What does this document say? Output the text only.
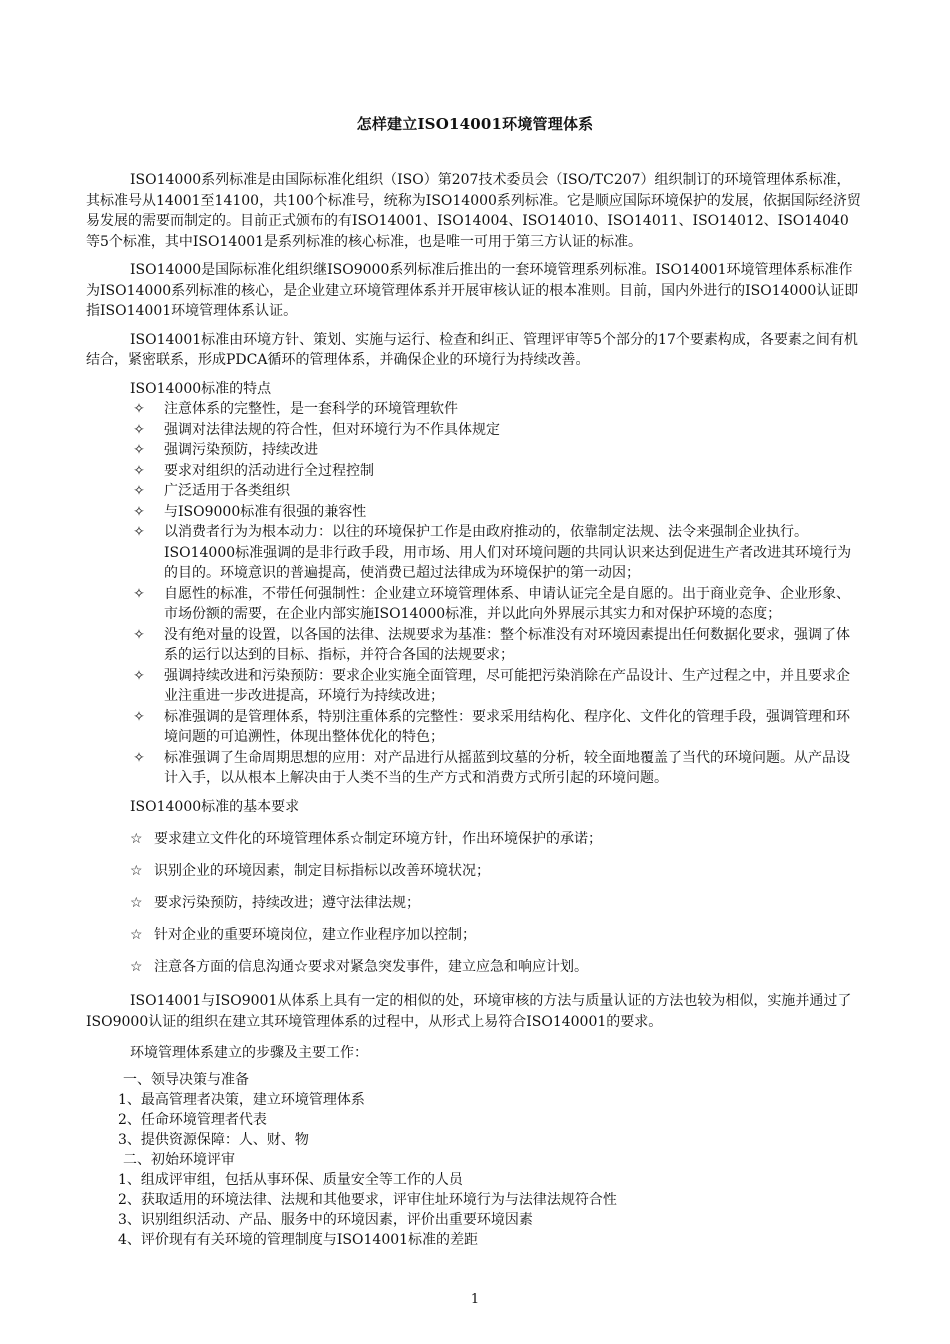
怎样建立ISO14001环境管理体系

ISO14000系列标准是由国际标准化组织（ISO）第207技术委员会（ISO/TC207）组织制订的环境管理体系标准，其标准号从14001至14100，共100个标准号，统称为ISO14000系列标准。它是顺应国际环境保护的发展，依据国际经济贸易发展的需要而制定的。目前正式颁布的有ISO14001、ISO14004、ISO14010、ISO14011、ISO14012、ISO14040等5个标准，其中ISO14001是系列标准的核心标准，也是唯一可用于第三方认证的标准。

ISO14000是国际标准化组织继ISO9000系列标准后推出的一套环境管理系列标准。ISO14001环境管理体系标准作为ISO14000系列标准的核心，是企业建立环境管理体系并开展审核认证的根本准则。目前，国内外进行的ISO14000认证即指ISO14001环境管理体系认证。

ISO14001标准由环境方针、策划、实施与运行、检查和纠正、管理评审等5个部分的17个要素构成，各要素之间有机结合，紧密联系，形成PDCA循环的管理体系，并确保企业的环境行为持续改善。

ISO14000标准的特点

✧ 注意体系的完整性，是一套科学的环境管理软件
✧ 强调对法律法规的符合性，但对环境行为不作具体规定
✧ 强调污染预防，持续改进
✧ 要求对组织的活动进行全过程控制
✧ 广泛适用于各类组织
✧ 与ISO9000标准有很强的兼容性
✧ 以消费者行为为根本动力：以往的环境保护工作是由政府推动的，依靠制定法规、法令来强制企业执行。ISO14000标准强调的是非行政手段，用市场、用人们对环境问题的共同认识来达到促进生产者改进其环境行为的目的。环境意识的普遍提高，使消费已超过法律成为环境保护的第一动因；
✧ 自愿性的标准，不带任何强制性：企业建立环境管理体系、申请认证完全是自愿的。出于商业竞争、企业形象、市场份额的需要，在企业内部实施ISO14000标准，并以此向外界展示其实力和对保护环境的态度；
✧ 没有绝对量的设置，以各国的法律、法规要求为基准：整个标准没有对环境因素提出任何数据化要求，强调了体系的运行以达到的目标、指标，并符合各国的法规要求；
✧ 强调持续改进和污染预防：要求企业实施全面管理，尽可能把污染消除在产品设计、生产过程之中，并且要求企业注重进一步改进提高，环境行为持续改进；
✧ 标准强调的是管理体系，特别注重体系的完整性：要求采用结构化、程序化、文件化的管理手段，强调管理和环境问题的可追溯性，体现出整体优化的特色；
✧ 标准强调了生命周期思想的应用：对产品进行从摇蓝到坟墓的分析，较全面地覆盖了当代的环境问题。从产品设计入手，以从根本上解决由于人类不当的生产方式和消费方式所引起的环境问题。

ISO14000标准的基本要求

☆ 要求建立文件化的环境管理体系☆制定环境方针，作出环境保护的承诺；
☆ 识别企业的环境因素，制定目标指标以改善环境状况；
☆ 要求污染预防，持续改进；遵守法律法规；
☆ 针对企业的重要环境岗位，建立作业程序加以控制；
☆ 注意各方面的信息沟通☆要求对紧急突发事件，建立应急和响应计划。

ISO14001与ISO9001从体系上具有一定的相似的处，环境审核的方法与质量认证的方法也较为相似，实施并通过了ISO9000认证的组织在建立其环境管理体系的过程中，从形式上易符合ISO140001的要求。

环境管理体系建立的步骤及主要工作：

一、领导决策与准备

1、最高管理者决策，建立环境管理体系

2、任命环境管理者代表

3、提供资源保障：人、财、物

二、初始环境评审

1、组成评审组，包括从事环保、质量安全等工作的人员

2、获取适用的环境法律、法规和其他要求，评审住址环境行为与法律法规符合性

3、识别组织活动、产品、服务中的环境因素，评价出重要环境因素

4、评价现有有关环境的管理制度与ISO14001标准的差距

1
